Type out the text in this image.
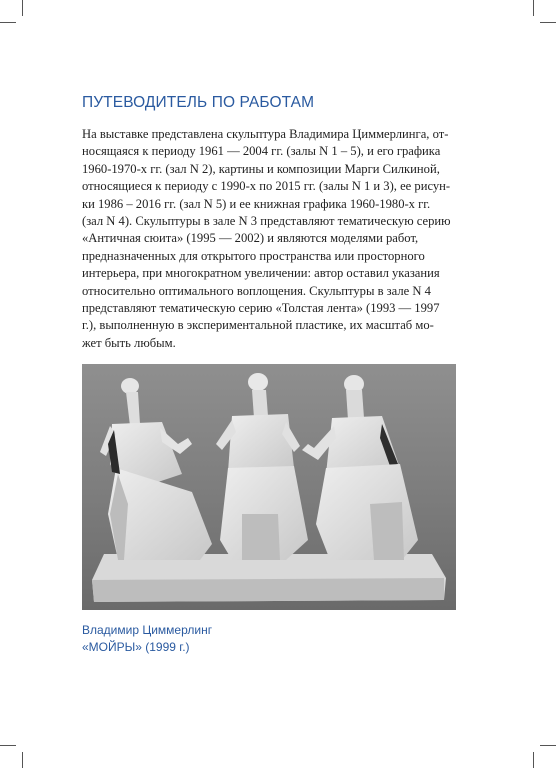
ПУТЕВОДИТЕЛЬ ПО РАБОТАМ

На выставке представлена скульптура Владимира Циммерлинга, от-
носящаяся к периоду 1961 — 2004 гг. (залы N 1 – 5), и его графика
1960-1970-х гг. (зал N 2), картины и композиции Марги Силкиной,
относящиеся к периоду с 1990-х по 2015 гг. (залы N 1 и 3), ее рисун-
ки 1986 – 2016 гг. (зал N 5) и ее книжная графика 1960-1980-х гг.
(зал N 4). Скульптуры в зале N 3 представляют тематическую серию
«Античная сюита» (1995 — 2002) и являются моделями работ,
предназначенных для открытого пространства или просторного
интерьера, при многократном увеличении: автор оставил указания
относительно оптимального воплощения. Скульптуры в зале N 4
представляют тематическую серию «Толстая лента» (1993 — 1997
г.), выполненную в экспериментальной пластике, их масштаб мо-
жет быть любым.

Владимир Циммерлинг
«МОЙРЫ» (1999 г.)
